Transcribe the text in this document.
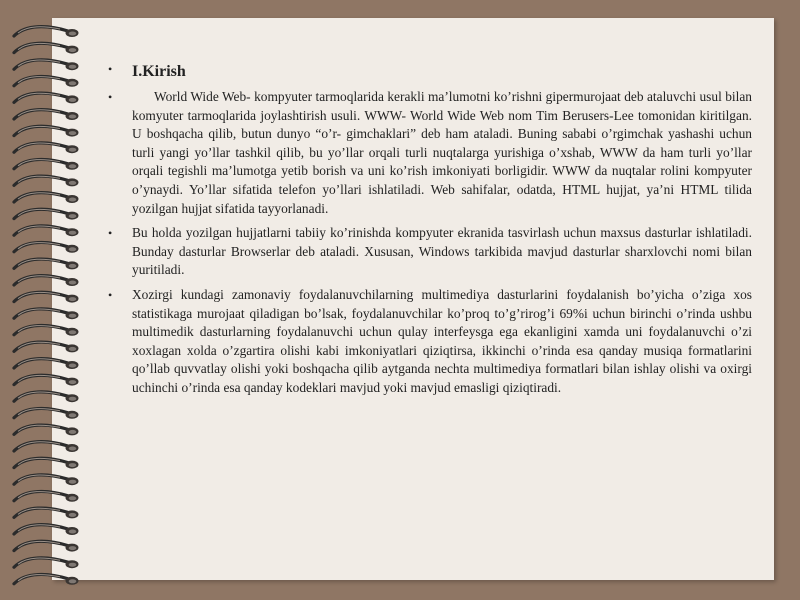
•	I.Kirish
•	World Wide Web- kompyuter tarmoqlarida kerakli ma’lumotni ko’rishni gipermurojaat deb ataluvchi usul bilan komyuter tarmoqlarida joylashtirish usuli. WWW- World Wide Web nom Tim Berusers-Lee tomonidan kiritilgan. U boshqacha qilib, butun dunyo “o’r- gimchaklari” deb ham ataladi. Buning sababi o’rgimchak yashashi uchun turli yangi yo’llar tashkil qilib, bu yo’llar orqali turli nuqtalarga yurishiga o’xshab, WWW da ham turli yo’llar orqali tegishli ma’lumotga yetib borish va uni ko’rish imkoniyati borligidir. WWW da nuqtalar rolini kompyuter o’ynaydi. Yo’llar sifatida telefon yo’llari ishlatiladi. Web sahifalar, odatda, HTML hujjat, ya’ni HTML tilida yozilgan hujjat sifatida tayyorlanadi.
•	Bu holda yozilgan hujjatlarni tabiiy ko’rinishda kompyuter ekranida tasvirlash uchun maxsus dasturlar ishlatiladi. Bunday dasturlar Browserlar deb ataladi. Xususan, Windows tarkibida mavjud dasturlar sharxlovchi nomi bilan yuritiladi.
•	Xozirgi kundagi zamonaviy foydalanuvchilarning multimediya dasturlarini foydalanish bo’yicha o’ziga xos statistikaga murojaat qiladigan bo’lsak, foydalanuvchilar ko’proq to’g’rirog’i 69%i uchun birinchi o’rinda ushbu multimedik dasturlarning foydalanuvchi uchun qulay interfeysga ega ekanligini xamda uni foydalanuvchi o’zi xoxlagan xolda o’zgartira olishi kabi imkoniyatlari qiziqtirsa, ikkinchi o’rinda esa qanday musiqa formatlarini qo’llab quvvatlay olishi yoki boshqacha qilib aytganda nechta multimediya formatlari bilan ishlay olishi va oxirgi uchinchi o’rinda esa qanday kodeklari mavjud yoki mavjud emasligi qiziqtiradi.
